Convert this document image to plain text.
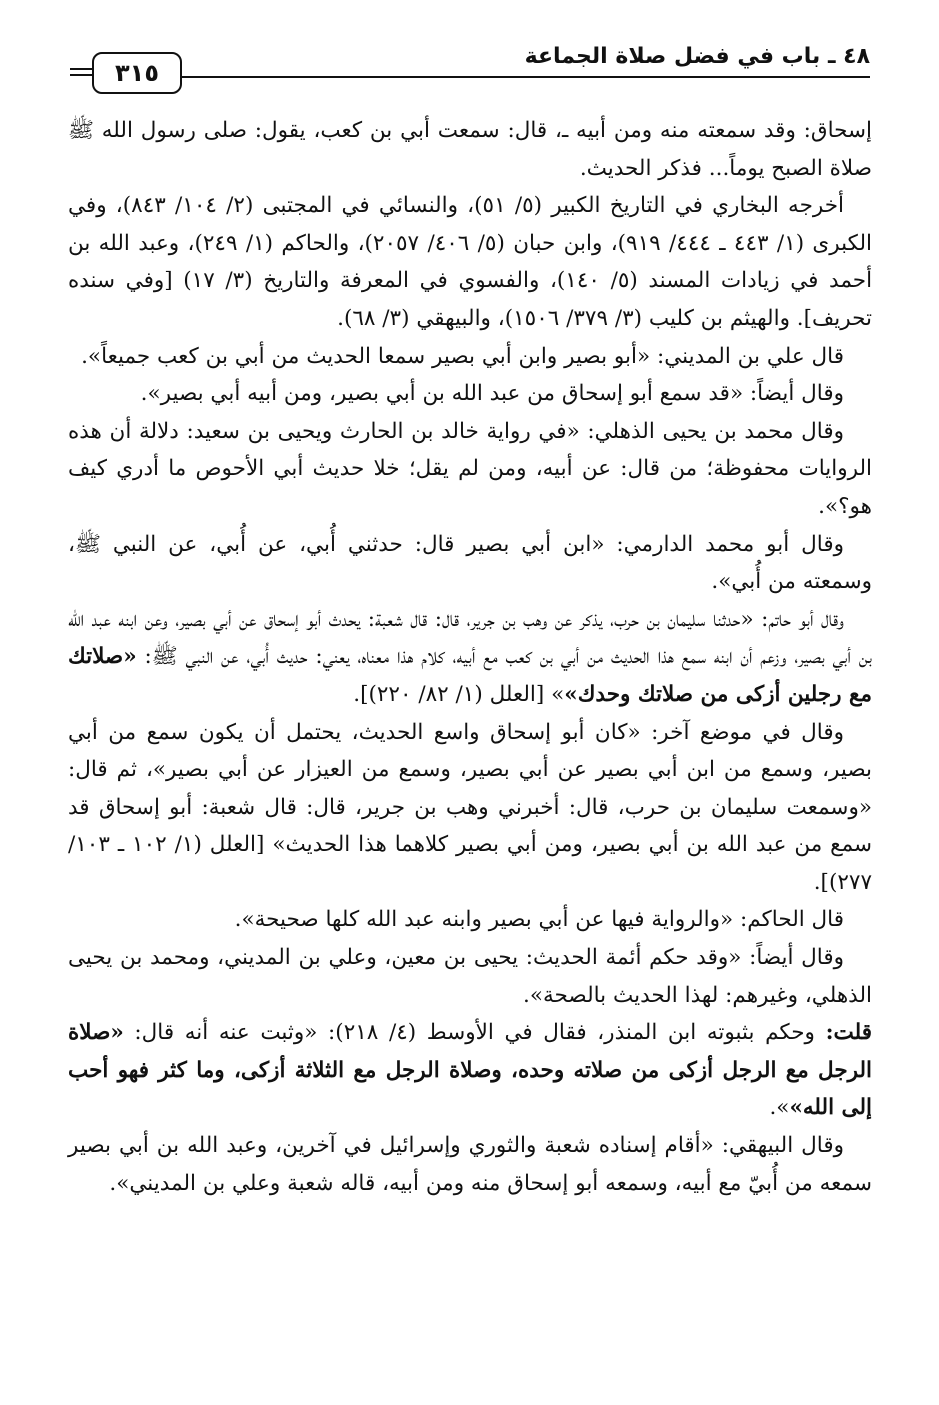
٤٨ ـ باب في فضل صلاة الجماعة
٣١٥

إسحاق: وقد سمعته منه ومن أبيه ـ، قال: سمعت أبي بن كعب، يقول: صلى رسول الله ﷺ صلاة الصبح يوماً... فذكر الحديث.

أخرجه البخاري في التاريخ الكبير (٥/ ٥١)، والنسائي في المجتبى (٢/ ١٠٤/ ٨٤٣)، وفي الكبرى (١/ ٤٤٣ ـ ٤٤٤/ ٩١٩)، وابن حبان (٥/ ٤٠٦/ ٢٠٥٧)، والحاكم (١/ ٢٤٩)، وعبد الله بن أحمد في زيادات المسند (٥/ ١٤٠)، والفسوي في المعرفة والتاريخ (٣/ ١٧) [وفي سنده تحريف]. والهيثم بن كليب (٣/ ٣٧٩/ ١٥٠٦)، والبيهقي (٣/ ٦٨).

قال علي بن المديني: «أبو بصير وابن أبي بصير سمعا الحديث من أبي بن كعب جميعاً».

وقال أيضاً: «قد سمع أبو إسحاق من عبد الله بن أبي بصير، ومن أبيه أبي بصير».

وقال محمد بن يحيى الذهلي: «في رواية خالد بن الحارث ويحيى بن سعيد: دلالة أن هذه الروايات محفوظة؛ من قال: عن أبيه، ومن لم يقل؛ خلا حديث أبي الأحوص ما أدري كيف هو؟».

وقال أبو محمد الدارمي: «ابن أبي بصير قال: حدثني أُبي، عن أُبي، عن النبي ﷺ، وسمعته من أُبي».

وقال أبو حاتم: «حدثنا سليمان بن حرب، يذكر عن وهب بن جرير، قال: قال شعبة: يحدث أبو إسحاق عن أبي بصير، وعن ابنه عبد الله بن أبي بصير، وزعم أن ابنه سمع هذا الحديث من أبي بن كعب مع أبيه، كلام هذا معناه، يعني: حديث أُبي، عن النبي ﷺ: «صلاتك مع رجلين أزكى من صلاتك وحدك»» [العلل (١/ ٨٢/ ٢٢٠)].

وقال في موضع آخر: «كان أبو إسحاق واسع الحديث، يحتمل أن يكون سمع من أبي بصير، وسمع من ابن أبي بصير عن أبي بصير، وسمع من العيزار عن أبي بصير»، ثم قال: «وسمعت سليمان بن حرب، قال: أخبرني وهب بن جرير، قال: قال شعبة: أبو إسحاق قد سمع من عبد الله بن أبي بصير، ومن أبي بصير كلاهما هذا الحديث» [العلل (١/ ١٠٢ ـ ١٠٣/ ٢٧٧)].

قال الحاكم: «والرواية فيها عن أبي بصير وابنه عبد الله كلها صحيحة».

وقال أيضاً: «وقد حكم أئمة الحديث: يحيى بن معين، وعلي بن المديني، ومحمد بن يحيى الذهلي، وغيرهم: لهذا الحديث بالصحة».

قلت: وحكم بثبوته ابن المنذر، فقال في الأوسط (٤/ ٢١٨): «وثبت عنه أنه قال: «صلاة الرجل مع الرجل أزكى من صلاته وحده، وصلاة الرجل مع الثلاثة أزكى، وما كثر فهو أحب إلى الله»».

وقال البيهقي: «أقام إسناده شعبة والثوري وإسرائيل في آخرين، وعبد الله بن أبي بصير سمعه من أُبيّ مع أبيه، وسمعه أبو إسحاق منه ومن أبيه، قاله شعبة وعلي بن المديني».
